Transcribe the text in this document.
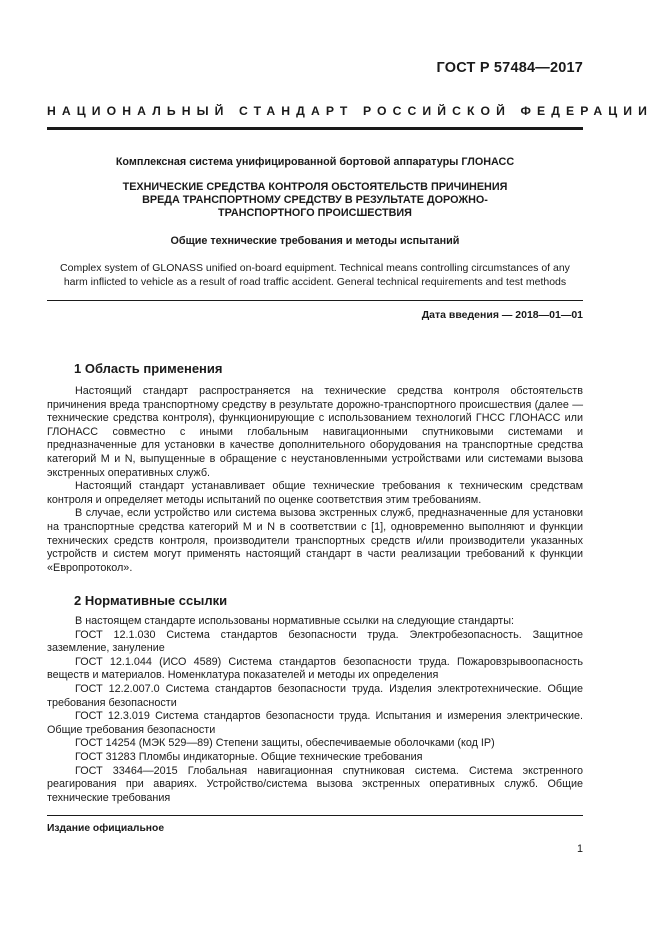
ГОСТ Р 57484—2017
НАЦИОНАЛЬНЫЙ СТАНДАРТ РОССИЙСКОЙ ФЕДЕРАЦИИ
Комплексная система унифицированной бортовой аппаратуры ГЛОНАСС
ТЕХНИЧЕСКИЕ СРЕДСТВА КОНТРОЛЯ ОБСТОЯТЕЛЬСТВ ПРИЧИНЕНИЯ ВРЕДА ТРАНСПОРТНОМУ СРЕДСТВУ В РЕЗУЛЬТАТЕ ДОРОЖНО-ТРАНСПОРТНОГО ПРОИСШЕСТВИЯ
Общие технические требования и методы испытаний
Complex system of GLONASS unified on-board equipment. Technical means controlling circumstances of any harm inflicted to vehicle as a result of road traffic accident. General technical requirements and test methods
Дата введения — 2018—01—01
1 Область применения

Настоящий стандарт распространяется на технические средства контроля обстоятельств причинения вреда транспортному средству в результате дорожно-транспортного происшествия (далее — технические средства контроля), функционирующие с использованием технологий ГНСС ГЛОНАСС или ГЛОНАСС совместно с иными глобальным навигационными спутниковыми системами и предназначенные для установки в качестве дополнительного оборудования на транспортные средства категорий M и N, выпущенные в обращение с неустановленными устройствами или системами вызова экстренных оперативных служб.

Настоящий стандарт устанавливает общие технические требования к техническим средствам контроля и определяет методы испытаний по оценке соответствия этим требованиям.

В случае, если устройство или система вызова экстренных служб, предназначенные для установки на транспортные средства категорий M и N в соответствии с [1], одновременно выполняют и функции технических средств контроля, производители транспортных средств и/или производители указанных устройств и систем могут применять настоящий стандарт в части реализации требований к функции «Европротокол».

2 Нормативные ссылки

В настоящем стандарте использованы нормативные ссылки на следующие стандарты:

ГОСТ 12.1.030 Система стандартов безопасности труда. Электробезопасность. Защитное заземление, зануление

ГОСТ 12.1.044 (ИСО 4589) Система стандартов безопасности труда. Пожаровзрывоопасность веществ и материалов. Номенклатура показателей и методы их определения

ГОСТ 12.2.007.0 Система стандартов безопасности труда. Изделия электротехнические. Общие требования безопасности

ГОСТ 12.3.019 Система стандартов безопасности труда. Испытания и измерения электрические. Общие требования безопасности

ГОСТ 14254 (МЭК 529—89) Степени защиты, обеспечиваемые оболочками (код IP)

ГОСТ 31283 Пломбы индикаторные. Общие технические требования

ГОСТ 33464—2015 Глобальная навигационная спутниковая система. Система экстренного реагирования при авариях. Устройство/система вызова экстренных оперативных служб. Общие технические требования

Издание официальное
1
